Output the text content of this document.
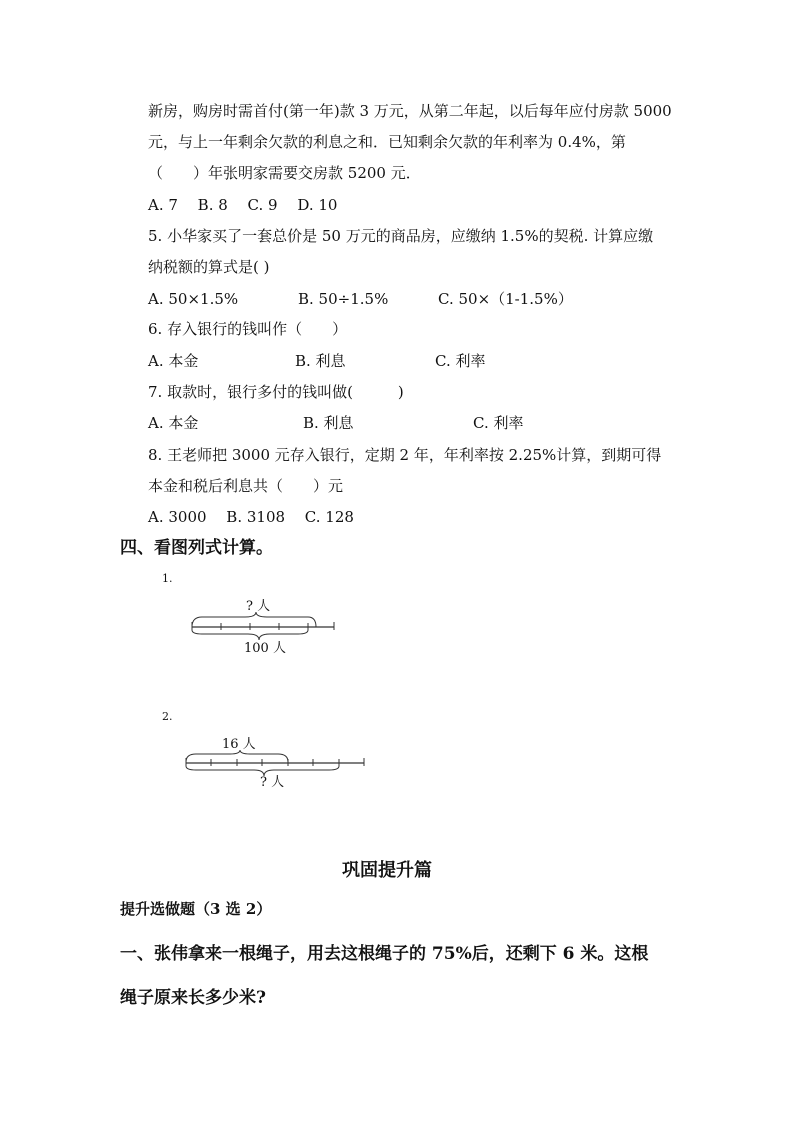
新房，购房时需首付(第一年)款 3 万元，从第二年起，以后每年应付房款 5000
元，与上一年剩余欠款的利息之和．已知剩余欠款的年利率为 0.4%，第
（　　）年张明家需要交房款 5200 元．
A. 7　 B. 8　 C. 9　 D. 10
5. 小华家买了一套总价是 50 万元的商品房，应缴纳 1.5%的契税. 计算应缴
纳税额的算式是( )
A. 50×1.5%	B. 50÷1.5%	C. 50×（1-1.5%）
6. 存入银行的钱叫作（　　）
A. 本金	B. 利息	C. 利率
7. 取款时，银行多付的钱叫做(　　　)
A. 本金	B. 利息	C. 利率
8. 王老师把 3000 元存入银行，定期 2 年，年利率按 2.25%计算，到期可得
本金和税后利息共（　　）元
A. 3000　 B. 3108　 C. 128
四、看图列式计算。
1.
? 人
100 人
2.
16 人
? 人
巩固提升篇
提升选做题（3 选 2）
一、张伟拿来一根绳子，用去这根绳子的 75%后，还剩下 6 米。这根
绳子原来长多少米?
